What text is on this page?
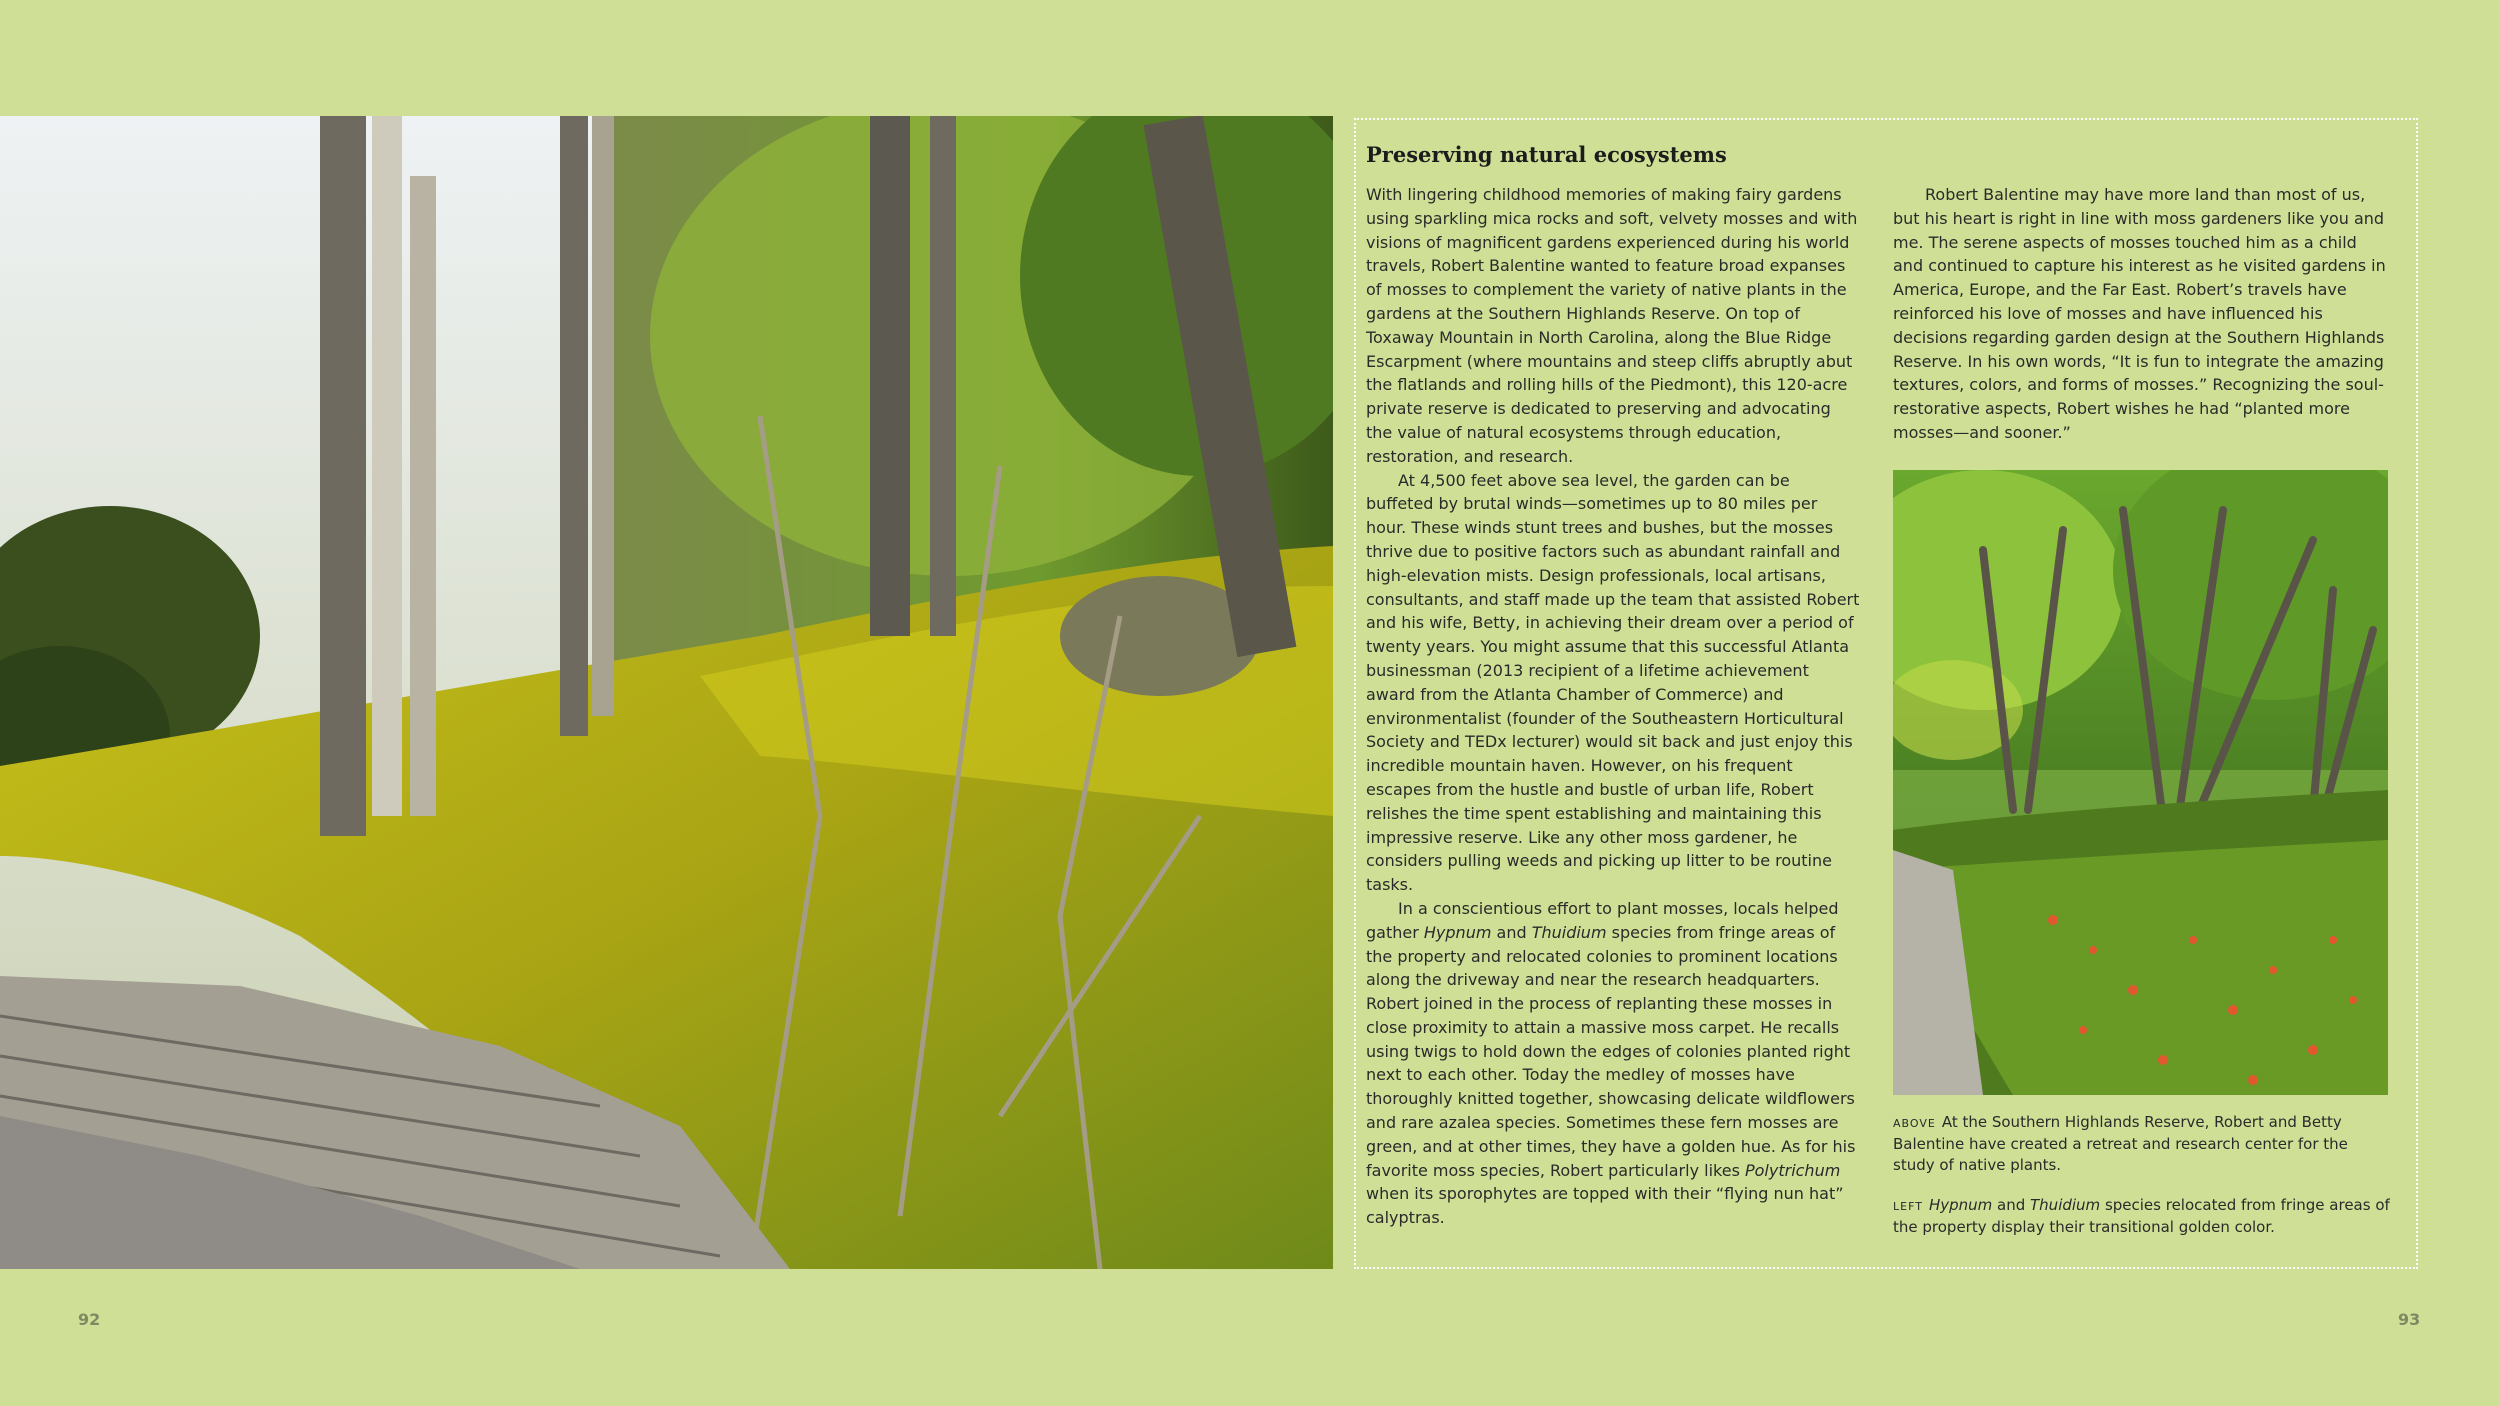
Preserving natural ecosystems

With lingering childhood memories of making fairy gardens using sparkling mica rocks and soft, velvety mosses and with visions of magnificent gardens experienced during his world travels, Robert Balentine wanted to feature broad expanses of mosses to complement the variety of native plants in the gardens at the Southern Highlands Reserve. On top of Toxaway Mountain in North Carolina, along the Blue Ridge Escarpment (where mountains and steep cliffs abruptly abut the flatlands and rolling hills of the Piedmont), this 120-acre private reserve is dedicated to preserving and advocating the value of natural ecosystems through education, restoration, and research.

At 4,500 feet above sea level, the garden can be buffeted by brutal winds—sometimes up to 80 miles per hour. These winds stunt trees and bushes, but the mosses thrive due to positive factors such as abundant rainfall and high-elevation mists. Design professionals, local artisans, consultants, and staff made up the team that assisted Robert and his wife, Betty, in achieving their dream over a period of twenty years. You might assume that this successful Atlanta businessman (2013 recipient of a lifetime achievement award from the Atlanta Chamber of Commerce) and environmentalist (founder of the Southeastern Horticultural Society and TEDx lecturer) would sit back and just enjoy this incredible mountain haven. However, on his frequent escapes from the hustle and bustle of urban life, Robert relishes the time spent establishing and maintaining this impressive reserve. Like any other moss gardener, he considers pulling weeds and picking up litter to be routine tasks.

In a conscientious effort to plant mosses, locals helped gather Hypnum and Thuidium species from fringe areas of the property and relocated colonies to prominent locations along the driveway and near the research headquarters. Robert joined in the process of replanting these mosses in close proximity to attain a massive moss carpet. He recalls using twigs to hold down the edges of colonies planted right next to each other. Today the medley of mosses have thoroughly knitted together, showcasing delicate wildflowers and rare azalea species. Sometimes these fern mosses are green, and at other times, they have a golden hue. As for his favorite moss species, Robert particularly likes Polytrichum when its sporophytes are topped with their “flying nun hat” calyptras.

Robert Balentine may have more land than most of us, but his heart is right in line with moss gardeners like you and me. The serene aspects of mosses touched him as a child and continued to capture his interest as he visited gardens in America, Europe, and the Far East. Robert’s travels have reinforced his love of mosses and have influenced his decisions regarding garden design at the Southern Highlands Reserve. In his own words, “It is fun to integrate the amazing textures, colors, and forms of mosses.” Recognizing the soul-restorative aspects, Robert wishes he had “planted more mosses—and sooner.”

ABOVE At the Southern Highlands Reserve, Robert and Betty Balentine have created a retreat and research center for the study of native plants.
LEFT Hypnum and Thuidium species relocated from fringe areas of the property display their transitional golden color.
92	93
